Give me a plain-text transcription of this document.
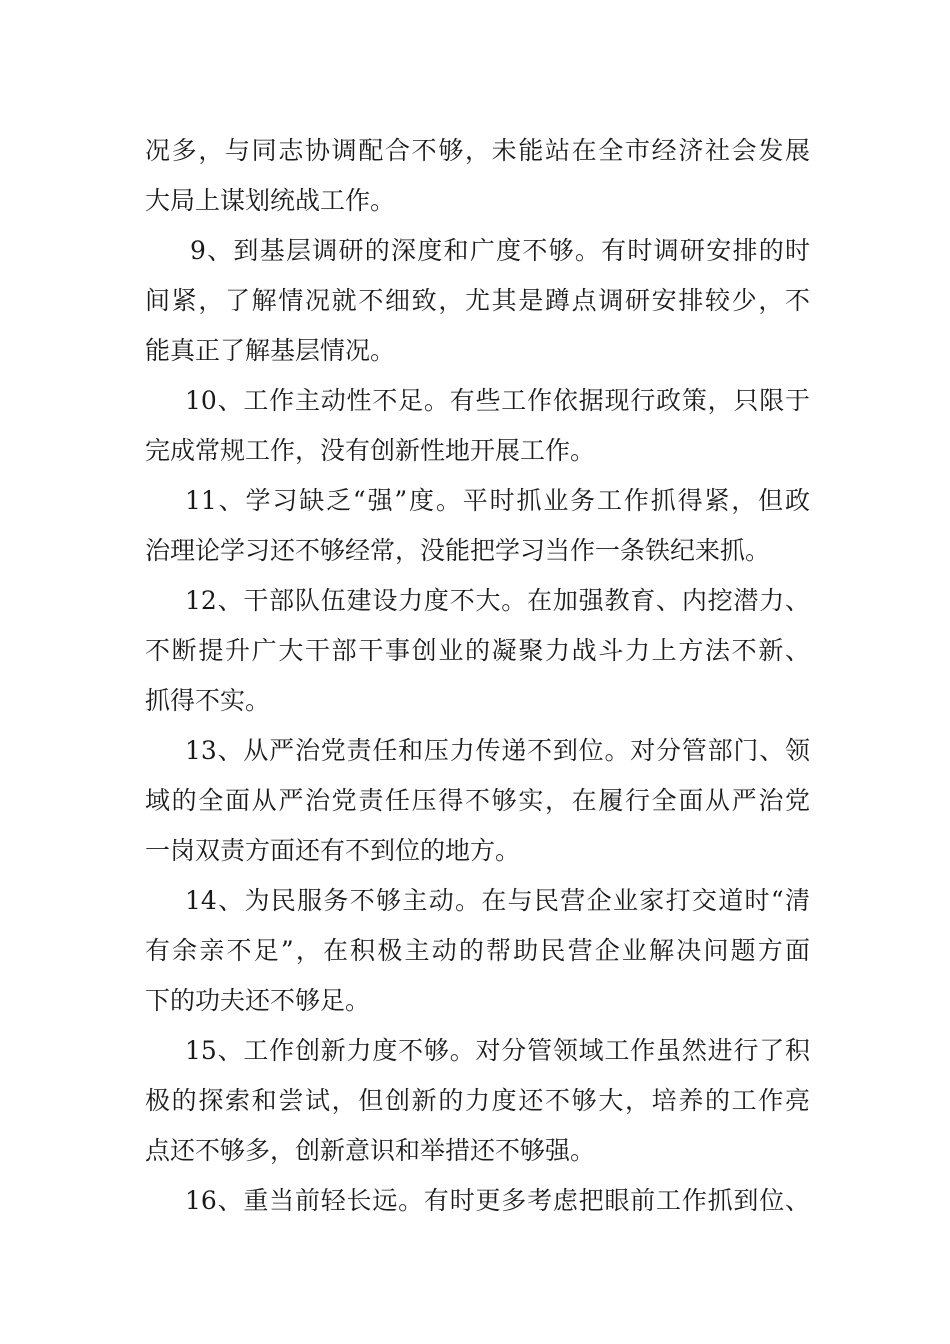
况多，与同志协调配合不够，未能站在全市经济社会发展
大局上谋划统战工作。
9、到基层调研的深度和广度不够。有时调研安排的时
间紧，了解情况就不细致，尤其是蹲点调研安排较少，不
能真正了解基层情况。
10、工作主动性不足。有些工作依据现行政策，只限于
完成常规工作，没有创新性地开展工作。
11、学习缺乏“强”度。平时抓业务工作抓得紧，但政
治理论学习还不够经常，没能把学习当作一条铁纪来抓。
12、干部队伍建设力度不大。在加强教育、内挖潜力、
不断提升广大干部干事创业的凝聚力战斗力上方法不新、
抓得不实。
13、从严治党责任和压力传递不到位。对分管部门、领
域的全面从严治党责任压得不够实，在履行全面从严治党
一岗双责方面还有不到位的地方。
14、为民服务不够主动。在与民营企业家打交道时“清
有余亲不足”，在积极主动的帮助民营企业解决问题方面
下的功夫还不够足。
15、工作创新力度不够。对分管领域工作虽然进行了积
极的探索和尝试，但创新的力度还不够大，培养的工作亮
点还不够多，创新意识和举措还不够强。
16、重当前轻长远。有时更多考虑把眼前工作抓到位、
